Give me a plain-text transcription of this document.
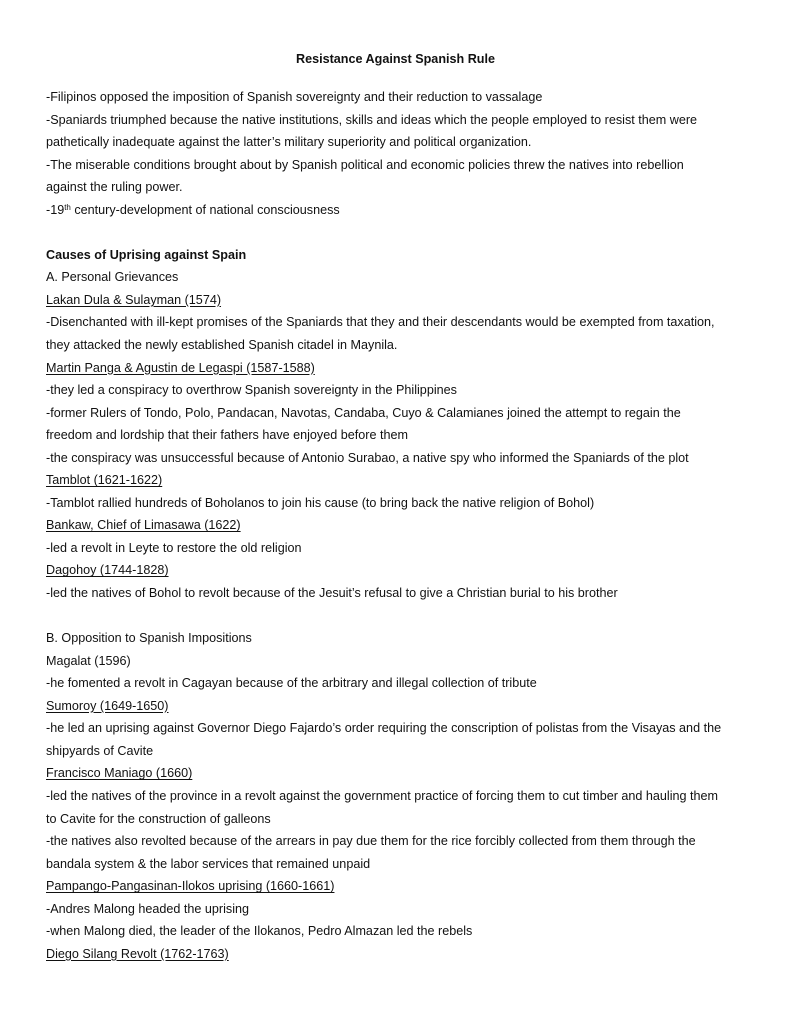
Resistance Against Spanish Rule
-Filipinos opposed the imposition of Spanish sovereignty and their reduction to vassalage
-Spaniards triumphed because the native institutions, skills and ideas which the people employed to resist them were
pathetically inadequate against the latter’s military superiority and political organization.
-The miserable conditions brought about by Spanish political and economic policies threw the natives into rebellion
against the ruling power.
-19th century-development of national consciousness
Causes of Uprising against Spain
A. Personal Grievances
Lakan Dula & Sulayman (1574)
-Disenchanted with ill-kept promises of the Spaniards that they and their descendants would be exempted from taxation,
they attacked the newly established Spanish citadel in Maynila.
Martin Panga & Agustin de Legaspi (1587-1588)
-they led a conspiracy to overthrow Spanish sovereignty in the Philippines
-former Rulers of Tondo, Polo, Pandacan, Navotas, Candaba, Cuyo & Calamianes joined the attempt to regain the
freedom and lordship that their fathers have enjoyed before them
-the conspiracy was unsuccessful because of Antonio Surabao, a native spy who informed the Spaniards of the plot
Tamblot (1621-1622)
-Tamblot rallied hundreds of Boholanos to join his cause (to bring back the native religion of Bohol)
Bankaw, Chief of Limasawa (1622)
-led a revolt in Leyte to restore the old religion
Dagohoy (1744-1828)
-led the natives of Bohol to revolt because of the Jesuit’s refusal to give a Christian burial to his brother
B. Opposition to Spanish Impositions
Magalat (1596)
-he fomented a revolt in Cagayan because of the arbitrary and illegal collection of tribute
Sumoroy (1649-1650)
-he led an uprising against Governor Diego Fajardo’s order requiring the conscription of polistas from the Visayas and the
shipyards of Cavite
Francisco Maniago (1660)
-led the natives of the province in a revolt against the government practice of forcing them to cut timber and hauling them
to Cavite for the construction of galleons
-the natives also revolted because of the arrears in pay due them for the rice forcibly collected from them through the
bandala system & the labor services that remained unpaid
Pampango-Pangasinan-Ilokos uprising (1660-1661)
-Andres Malong headed the uprising
-when Malong died, the leader of the Ilokanos, Pedro Almazan led the rebels
Diego Silang Revolt (1762-1763)
